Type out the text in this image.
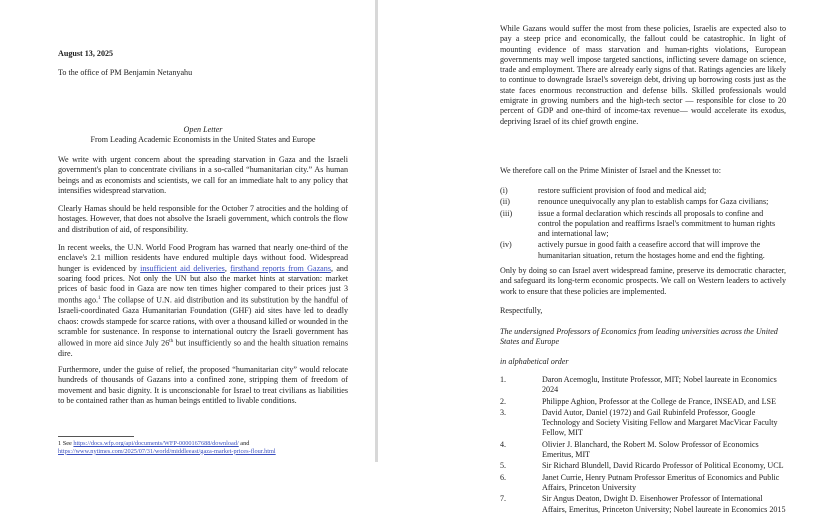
August 13, 2025

To the office of PM Benjamin Netanyahu

Open Letter

From Leading Academic Economists in the United States and Europe

We write with urgent concern about the spreading starvation in Gaza and the Israeli government's plan to concentrate civilians in a so-called “humanitarian city.” As human beings and as economists and scientists, we call for an immediate halt to any policy that intensifies widespread starvation.

Clearly Hamas should be held responsible for the October 7 atrocities and the holding of hostages. However, that does not absolve the Israeli government, which controls the flow and distribution of aid, of responsibility.

In recent weeks, the U.N. World Food Program has warned that nearly one-third of the enclave's 2.1 million residents have endured multiple days without food. Widespread hunger is evidenced by insufficient aid deliveries, firsthand reports from Gazans, and soaring food prices. Not only the UN but also the market hints at starvation: market prices of basic food in Gaza are now ten times higher compared to their prices just 3 months ago.$^1$ The collapse of U.N. aid distribution and its substitution by the handful of Israeli-coordinated Gaza Humanitarian Foundation (GHF) aid sites have led to deadly chaos: crowds stampede for scarce rations, with over a thousand killed or wounded in the scramble for sustenance. In response to international outcry the Israeli government has allowed in more aid since July 26th but insufficiently so and the health situation remains dire.

Furthermore, under the guise of relief, the proposed “humanitarian city” would relocate hundreds of thousands of Gazans into a confined zone, stripping them of freedom of movement and basic dignity. It is unconscionable for Israel to treat civilians as liabilities to be contained rather than as human beings entitled to livable conditions.

1 See https://docs.wfp.org/api/documents/WFP-0000167688/download/ and
https://www.nytimes.com/2025/07/31/world/middleeast/gaza-market-prices-flour.html

While Gazans would suffer the most from these policies, Israelis are expected also to pay a steep price and economically, the fallout could be catastrophic. In light of mounting evidence of mass starvation and human-rights violations, European governments may well impose targeted sanctions, inflicting severe damage on science, trade and employment. There are already early signs of that. Ratings agencies are likely to continue to downgrade Israel's sovereign debt, driving up borrowing costs just as the state faces enormous reconstruction and defense bills. Skilled professionals would emigrate in growing numbers and the high-tech sector — responsible for close to 20 percent of GDP and one-third of income-tax revenue— would accelerate its exodus, depriving Israel of its chief growth engine.

We therefore call on the Prime Minister of Israel and the Knesset to:

(i)	restore sufficient provision of food and medical aid;
(ii)	renounce unequivocally any plan to establish camps for Gaza civilians;
(iii)	issue a formal declaration which rescinds all proposals to confine and control the population and reaffirms Israel's commitment to human rights and international law;
(iv)	actively pursue in good faith a ceasefire accord that will improve the humanitarian situation, return the hostages home and end the fighting.

Only by doing so can Israel avert widespread famine, preserve its democratic character, and safeguard its long-term economic prospects. We call on Western leaders to actively work to ensure that these policies are implemented.

Respectfully,

The undersigned Professors of Economics from leading universities across the United States and Europe

in alphabetical order

1.	Daron Acemoglu, Institute Professor, MIT; Nobel laureate in Economics 2024
2.	Philippe Aghion, Professor at the College de France, INSEAD, and LSE
3.	David Autor, Daniel (1972) and Gail Rubinfeld Professor, Google Technology and Society Visiting Fellow and Margaret MacVicar Faculty Fellow, MIT
4.	Olivier J. Blanchard, the Robert M. Solow Professor of Economics Emeritus, MIT
5.	Sir Richard Blundell, David Ricardo Professor of Political Economy, UCL
6.	Janet Currie, Henry Putnam Professor Emeritus of Economics and Public Affairs, Princeton University
7.	Sir Angus Deaton, Dwight D. Eisenhower Professor of International Affairs, Emeritus, Princeton University; Nobel laureate in Economics 2015
